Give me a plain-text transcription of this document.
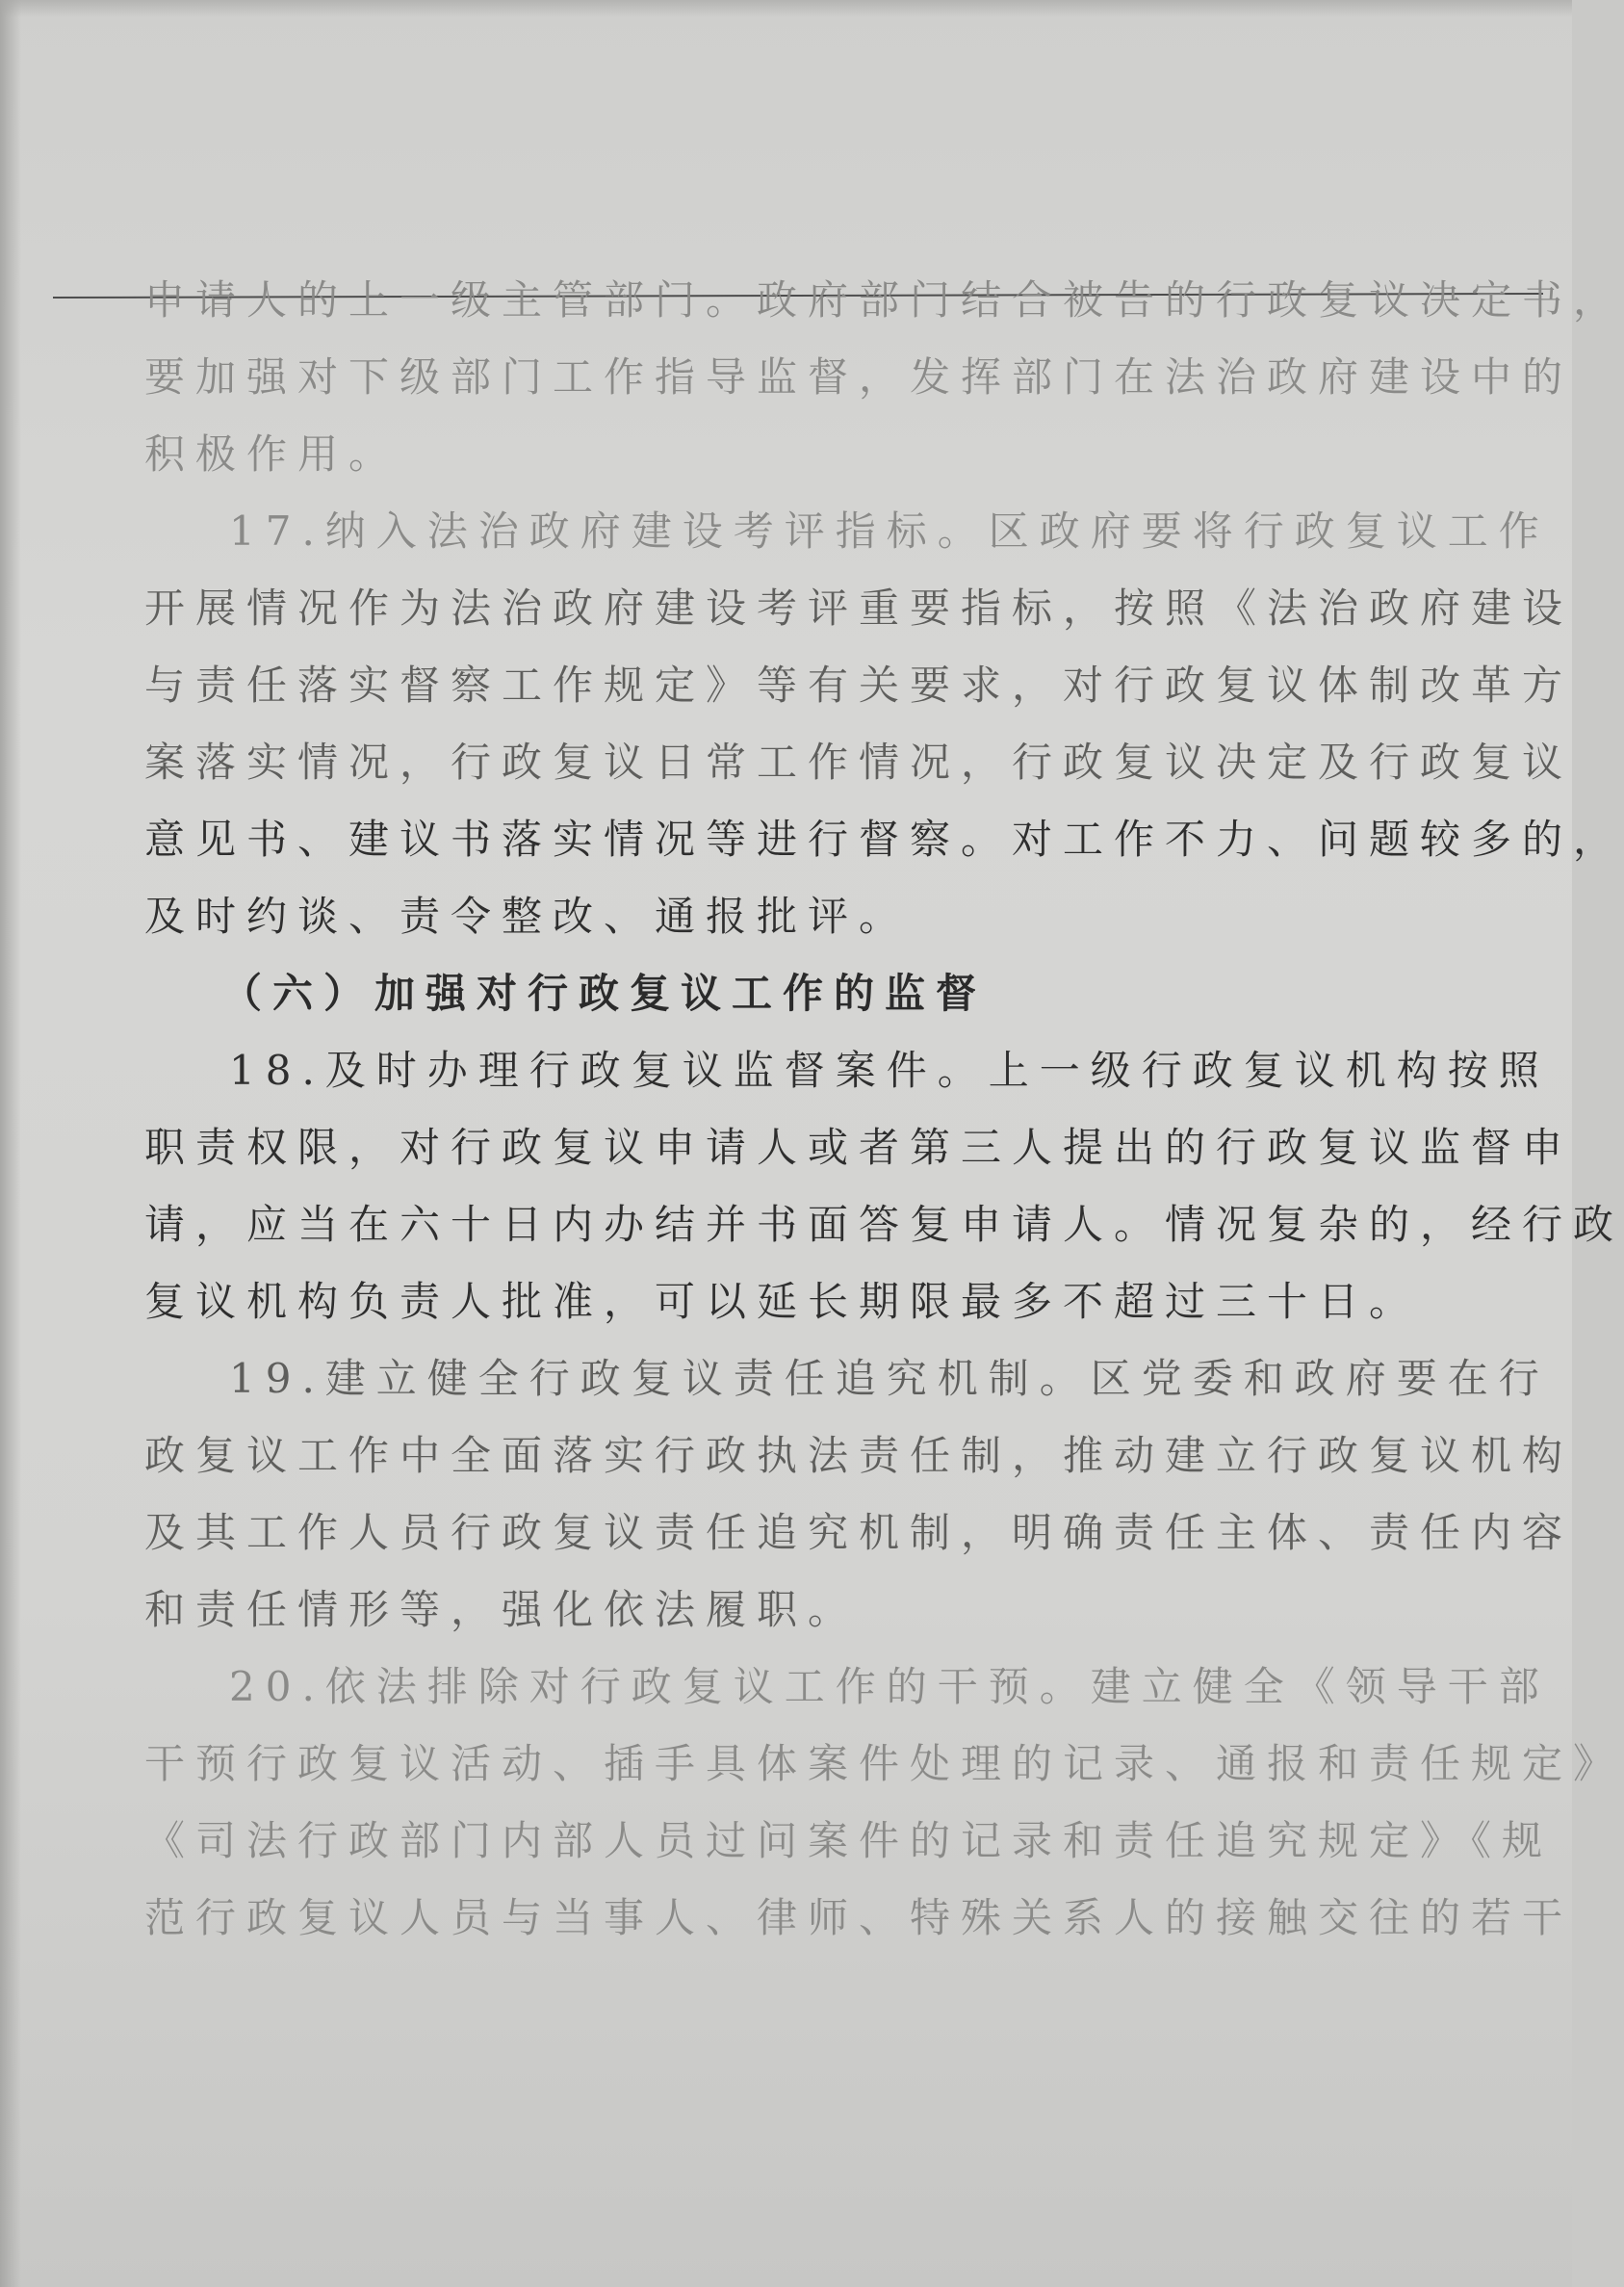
申请人的上一级主管部门。政府部门结合被告的行政复议决定书，
要加强对下级部门工作指导监督，发挥部门在法治政府建设中的
积极作用。
17.纳入法治政府建设考评指标。区政府要将行政复议工作
开展情况作为法治政府建设考评重要指标，按照《法治政府建设
与责任落实督察工作规定》等有关要求，对行政复议体制改革方
案落实情况，行政复议日常工作情况，行政复议决定及行政复议
意见书、建议书落实情况等进行督察。对工作不力、问题较多的，
及时约谈、责令整改、通报批评。
（六）加强对行政复议工作的监督
18.及时办理行政复议监督案件。上一级行政复议机构按照
职责权限，对行政复议申请人或者第三人提出的行政复议监督申
请，应当在六十日内办结并书面答复申请人。情况复杂的，经行政
复议机构负责人批准，可以延长期限最多不超过三十日。
19.建立健全行政复议责任追究机制。区党委和政府要在行
政复议工作中全面落实行政执法责任制，推动建立行政复议机构
及其工作人员行政复议责任追究机制，明确责任主体、责任内容
和责任情形等，强化依法履职。
20.依法排除对行政复议工作的干预。建立健全《领导干部
干预行政复议活动、插手具体案件处理的记录、通报和责任规定》
《司法行政部门内部人员过问案件的记录和责任追究规定》《规
范行政复议人员与当事人、律师、特殊关系人的接触交往的若干
